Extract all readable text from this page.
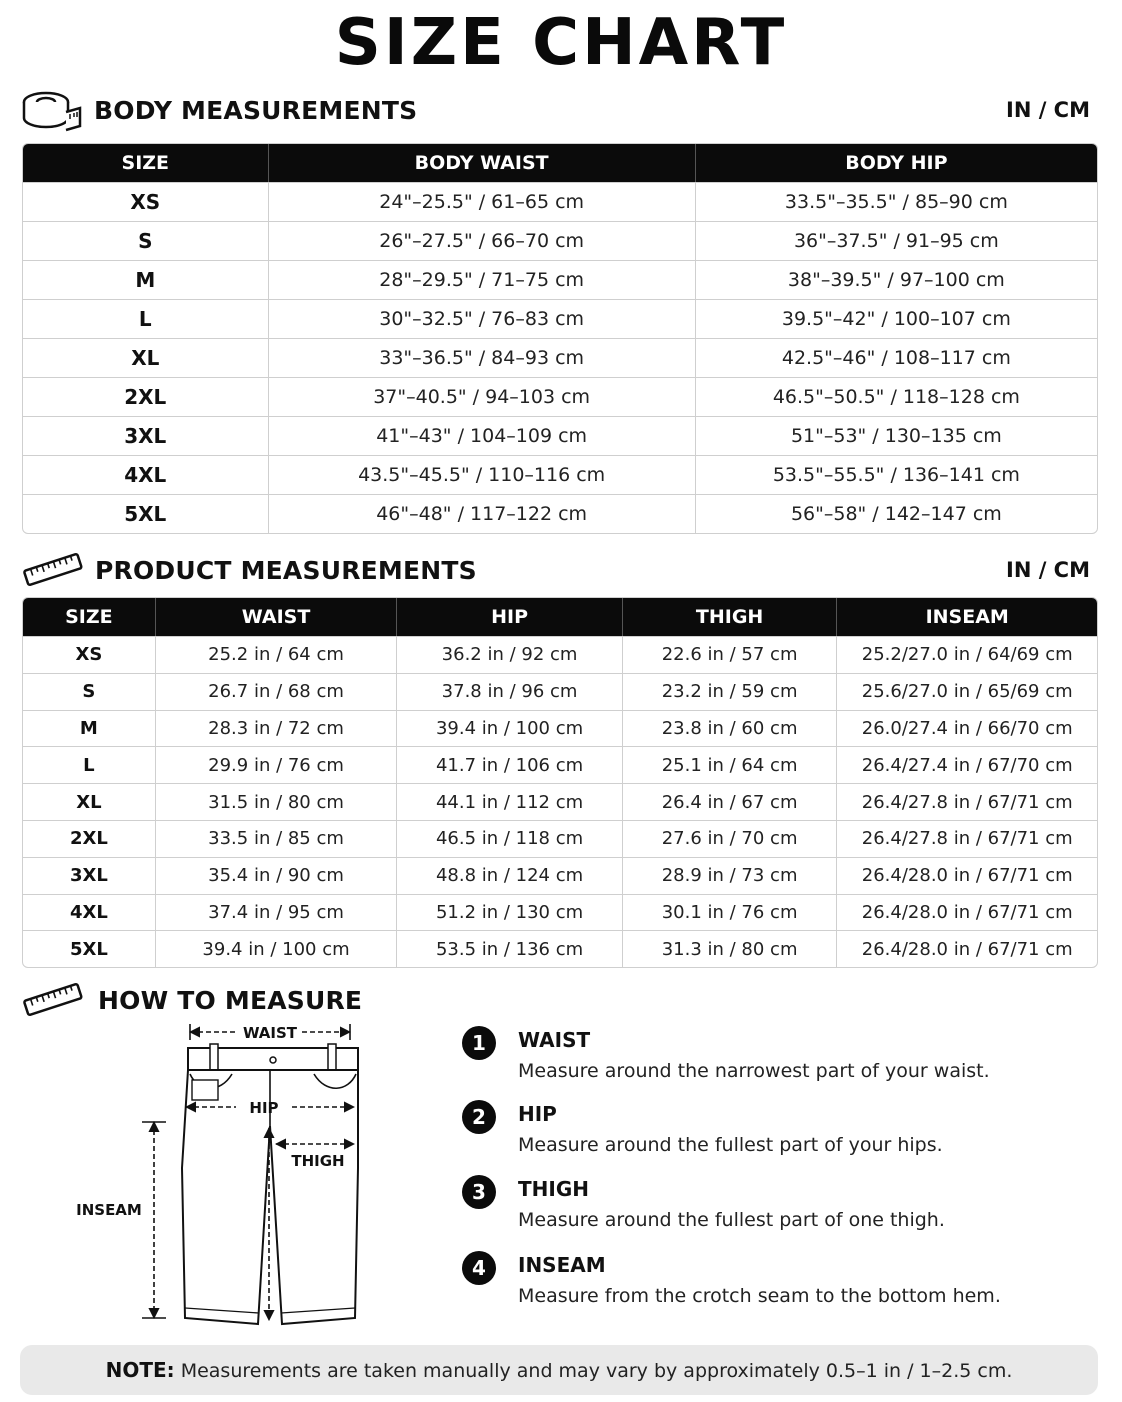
SIZE CHART
BODY MEASUREMENTS	IN / CM
SIZE	BODY WAIST	BODY HIP
XS	24"–25.5" / 61–65 cm	33.5"–35.5" / 85–90 cm
S	26"–27.5" / 66–70 cm	36"–37.5" / 91–95 cm
M	28"–29.5" / 71–75 cm	38"–39.5" / 97–100 cm
L	30"–32.5" / 76–83 cm	39.5"–42" / 100–107 cm
XL	33"–36.5" / 84–93 cm	42.5"–46" / 108–117 cm
2XL	37"–40.5" / 94–103 cm	46.5"–50.5" / 118–128 cm
3XL	41"–43" / 104–109 cm	51"–53" / 130–135 cm
4XL	43.5"–45.5" / 110–116 cm	53.5"–55.5" / 136–141 cm
5XL	46"–48" / 117–122 cm	56"–58" / 142–147 cm
PRODUCT MEASUREMENTS	IN / CM
SIZE	WAIST	HIP	THIGH	INSEAM
XS	25.2 in / 64 cm	36.2 in / 92 cm	22.6 in / 57 cm	25.2/27.0 in / 64/69 cm
S	26.7 in / 68 cm	37.8 in / 96 cm	23.2 in / 59 cm	25.6/27.0 in / 65/69 cm
M	28.3 in / 72 cm	39.4 in / 100 cm	23.8 in / 60 cm	26.0/27.4 in / 66/70 cm
L	29.9 in / 76 cm	41.7 in / 106 cm	25.1 in / 64 cm	26.4/27.4 in / 67/70 cm
XL	31.5 in / 80 cm	44.1 in / 112 cm	26.4 in / 67 cm	26.4/27.8 in / 67/71 cm
2XL	33.5 in / 85 cm	46.5 in / 118 cm	27.6 in / 70 cm	26.4/27.8 in / 67/71 cm
3XL	35.4 in / 90 cm	48.8 in / 124 cm	28.9 in / 73 cm	26.4/28.0 in / 67/71 cm
4XL	37.4 in / 95 cm	51.2 in / 130 cm	30.1 in / 76 cm	26.4/28.0 in / 67/71 cm
5XL	39.4 in / 100 cm	53.5 in / 136 cm	31.3 in / 80 cm	26.4/28.0 in / 67/71 cm
HOW TO MEASURE
WAIST
HIP
THIGH
INSEAM
1	WAIST
Measure around the narrowest part of your waist.
2	HIP
Measure around the fullest part of your hips.
3	THIGH
Measure around the fullest part of one thigh.
4	INSEAM
Measure from the crotch seam to the bottom hem.
NOTE: Measurements are taken manually and may vary by approximately 0.5–1 in / 1–2.5 cm.
